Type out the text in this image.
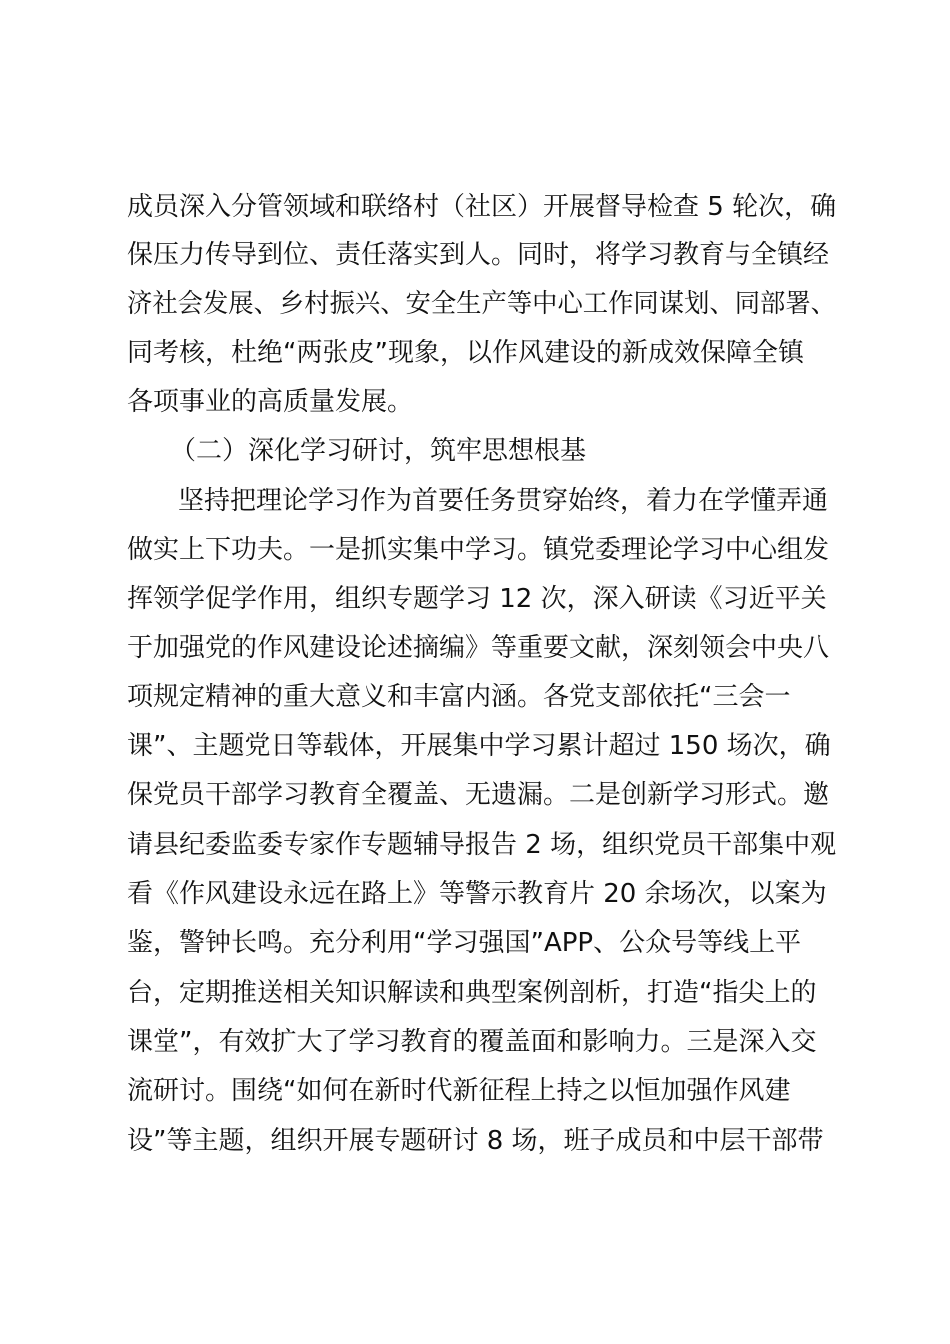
成员深入分管领域和联络村（社区）开展督导检查 5 轮次，确
保压力传导到位、责任落实到人。同时，将学习教育与全镇经
济社会发展、乡村振兴、安全生产等中心工作同谋划、同部署、
同考核，杜绝“两张皮”现象，以作风建设的新成效保障全镇
各项事业的高质量发展。
（二）深化学习研讨，筑牢思想根基
坚持把理论学习作为首要任务贯穿始终，着力在学懂弄通
做实上下功夫。一是抓实集中学习。镇党委理论学习中心组发
挥领学促学作用，组织专题学习 12 次，深入研读《习近平关
于加强党的作风建设论述摘编》等重要文献，深刻领会中央八
项规定精神的重大意义和丰富内涵。各党支部依托“三会一
课”、主题党日等载体，开展集中学习累计超过 150 场次，确
保党员干部学习教育全覆盖、无遗漏。二是创新学习形式。邀
请县纪委监委专家作专题辅导报告 2 场，组织党员干部集中观
看《作风建设永远在路上》等警示教育片 20 余场次，以案为
鉴，警钟长鸣。充分利用“学习强国”APP、公众号等线上平
台，定期推送相关知识解读和典型案例剖析，打造“指尖上的
课堂”，有效扩大了学习教育的覆盖面和影响力。三是深入交
流研讨。围绕“如何在新时代新征程上持之以恒加强作风建
设”等主题，组织开展专题研讨 8 场，班子成员和中层干部带
